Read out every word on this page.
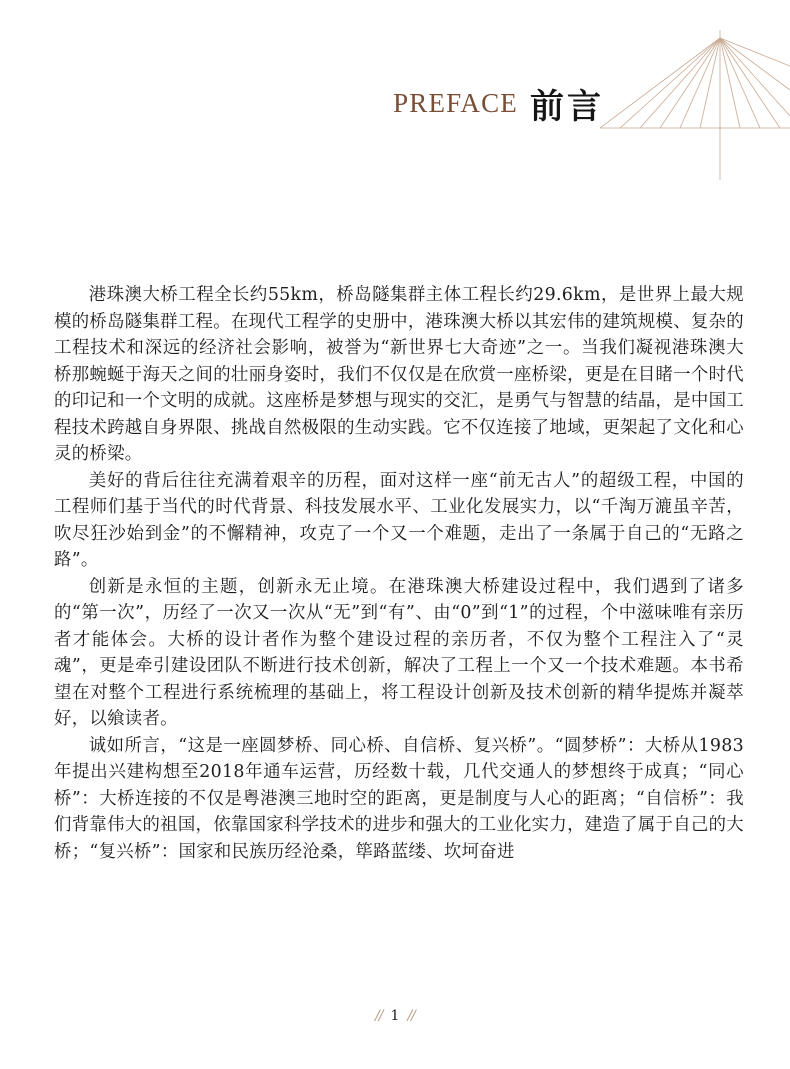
PREFACE 前言

港珠澳大桥工程全长约55km，桥岛隧集群主体工程长约29.6km，是世界上最大规模的桥岛隧集群工程。在现代工程学的史册中，港珠澳大桥以其宏伟的建筑规模、复杂的工程技术和深远的经济社会影响，被誉为“新世界七大奇迹”之一。当我们凝视港珠澳大桥那蜿蜒于海天之间的壮丽身姿时，我们不仅仅是在欣赏一座桥梁，更是在目睹一个时代的印记和一个文明的成就。这座桥是梦想与现实的交汇，是勇气与智慧的结晶，是中国工程技术跨越自身界限、挑战自然极限的生动实践。它不仅连接了地域，更架起了文化和心灵的桥梁。

美好的背后往往充满着艰辛的历程，面对这样一座“前无古人”的超级工程，中国的工程师们基于当代的时代背景、科技发展水平、工业化发展实力，以“千淘万漉虽辛苦，吹尽狂沙始到金”的不懈精神，攻克了一个又一个难题，走出了一条属于自己的“无路之路”。

创新是永恒的主题，创新永无止境。在港珠澳大桥建设过程中，我们遇到了诸多的“第一次”，历经了一次又一次从“无”到“有”、由“0”到“1”的过程，个中滋味唯有亲历者才能体会。大桥的设计者作为整个建设过程的亲历者，不仅为整个工程注入了“灵魂”，更是牵引建设团队不断进行技术创新，解决了工程上一个又一个技术难题。本书希望在对整个工程进行系统梳理的基础上，将工程设计创新及技术创新的精华提炼并凝萃好，以飨读者。

诚如所言，“这是一座圆梦桥、同心桥、自信桥、复兴桥”。“圆梦桥”：大桥从1983年提出兴建构想至2018年通车运营，历经数十载，几代交通人的梦想终于成真；“同心桥”：大桥连接的不仅是粤港澳三地时空的距离，更是制度与人心的距离；“自信桥”：我们背靠伟大的祖国，依靠国家科学技术的进步和强大的工业化实力，建造了属于自己的大桥；“复兴桥”：国家和民族历经沧桑，筚路蓝缕、坎坷奋进

// 1 //
